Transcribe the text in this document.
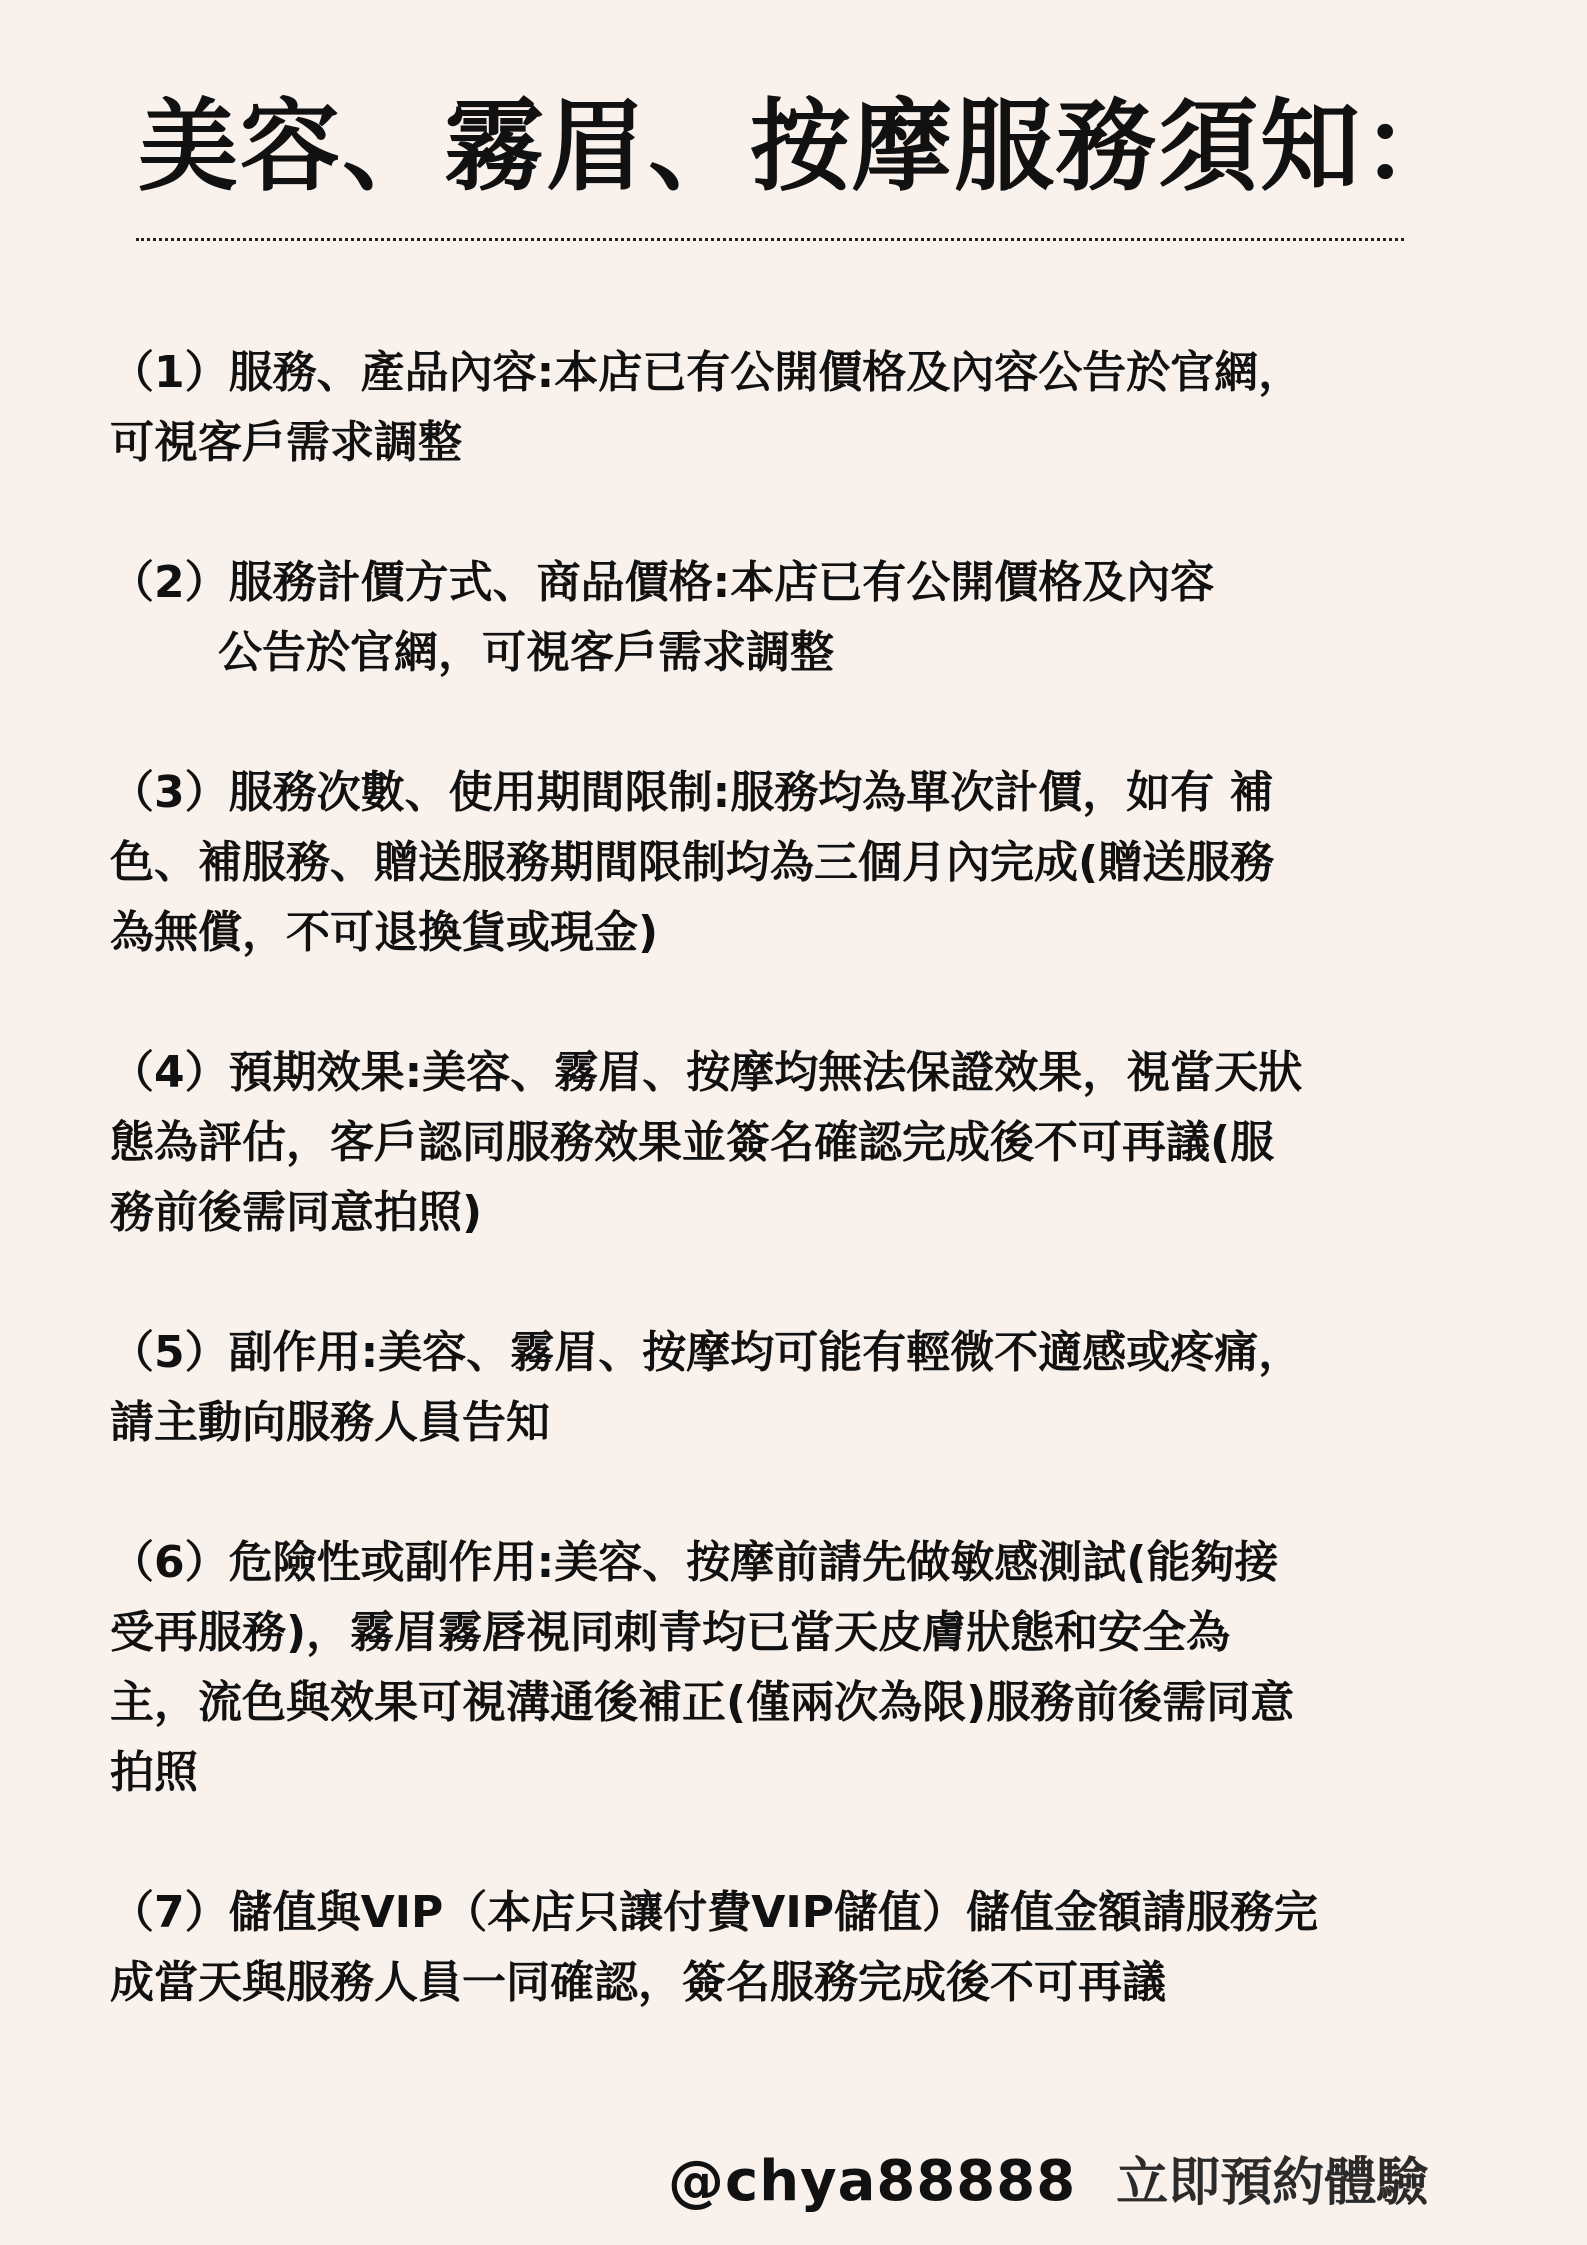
美容、霧眉、按摩服務須知：

（1）服務、產品內容:本店已有公開價格及內容公告於官網，
可視客戶需求調整

（2）服務計價方式、商品價格:本店已有公開價格及內容
公告於官網，可視客戶需求調整

（3）服務次數、使用期間限制:服務均為單次計價，如有 補
色、補服務、贈送服務期間限制均為三個月內完成(贈送服務
為無償，不可退換貨或現金)

（4）預期效果:美容、霧眉、按摩均無法保證效果，視當天狀
態為評估，客戶認同服務效果並簽名確認完成後不可再議(服
務前後需同意拍照)

（5）副作用:美容、霧眉、按摩均可能有輕微不適感或疼痛，
請主動向服務人員告知

（6）危險性或副作用:美容、按摩前請先做敏感測試(能夠接
受再服務)，霧眉霧唇視同刺青均已當天皮膚狀態和安全為
主，流色與效果可視溝通後補正(僅兩次為限)服務前後需同意
拍照

（7）儲值與VIP（本店只讓付費VIP儲值）儲值金額請服務完
成當天與服務人員一同確認，簽名服務完成後不可再議

@chya88888 立即預約體驗
